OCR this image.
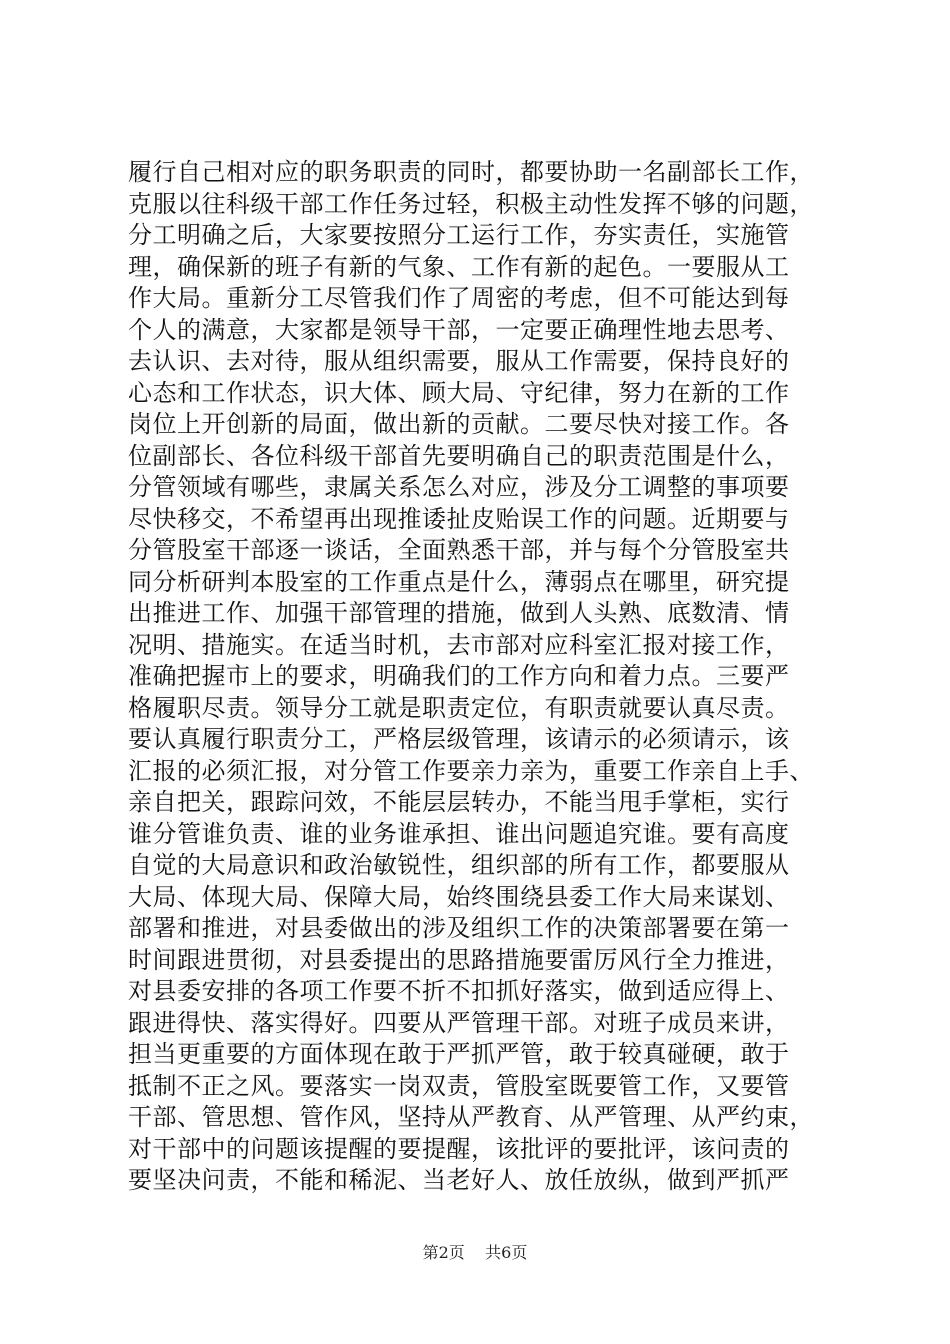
履行自己相对应的职务职责的同时，都要协助一名副部长工作，
克服以往科级干部工作任务过轻，积极主动性发挥不够的问题，
分工明确之后，大家要按照分工运行工作，夯实责任，实施管
理，确保新的班子有新的气象、工作有新的起色。一要服从工
作大局。重新分工尽管我们作了周密的考虑，但不可能达到每
个人的满意，大家都是领导干部，一定要正确理性地去思考、
去认识、去对待，服从组织需要，服从工作需要，保持良好的
心态和工作状态，识大体、顾大局、守纪律，努力在新的工作
岗位上开创新的局面，做出新的贡献。二要尽快对接工作。各
位副部长、各位科级干部首先要明确自己的职责范围是什么，
分管领域有哪些，隶属关系怎么对应，涉及分工调整的事项要
尽快移交，不希望再出现推诿扯皮贻误工作的问题。近期要与
分管股室干部逐一谈话，全面熟悉干部，并与每个分管股室共
同分析研判本股室的工作重点是什么，薄弱点在哪里，研究提
出推进工作、加强干部管理的措施，做到人头熟、底数清、情
况明、措施实。在适当时机，去市部对应科室汇报对接工作，
准确把握市上的要求，明确我们的工作方向和着力点。三要严
格履职尽责。领导分工就是职责定位，有职责就要认真尽责。
要认真履行职责分工，严格层级管理，该请示的必须请示，该
汇报的必须汇报，对分管工作要亲力亲为，重要工作亲自上手、
亲自把关，跟踪问效，不能层层转办，不能当甩手掌柜，实行
谁分管谁负责、谁的业务谁承担、谁出问题追究谁。要有高度
自觉的大局意识和政治敏锐性，组织部的所有工作，都要服从
大局、体现大局、保障大局，始终围绕县委工作大局来谋划、
部署和推进，对县委做出的涉及组织工作的决策部署要在第一
时间跟进贯彻，对县委提出的思路措施要雷厉风行全力推进，
对县委安排的各项工作要不折不扣抓好落实，做到适应得上、
跟进得快、落实得好。四要从严管理干部。对班子成员来讲，
担当更重要的方面体现在敢于严抓严管，敢于较真碰硬，敢于
抵制不正之风。要落实一岗双责，管股室既要管工作，又要管
干部、管思想、管作风，坚持从严教育、从严管理、从严约束，
对干部中的问题该提醒的要提醒，该批评的要批评，该问责的
要坚决问责，不能和稀泥、当老好人、放任放纵，做到严抓严
第2页 共6页
